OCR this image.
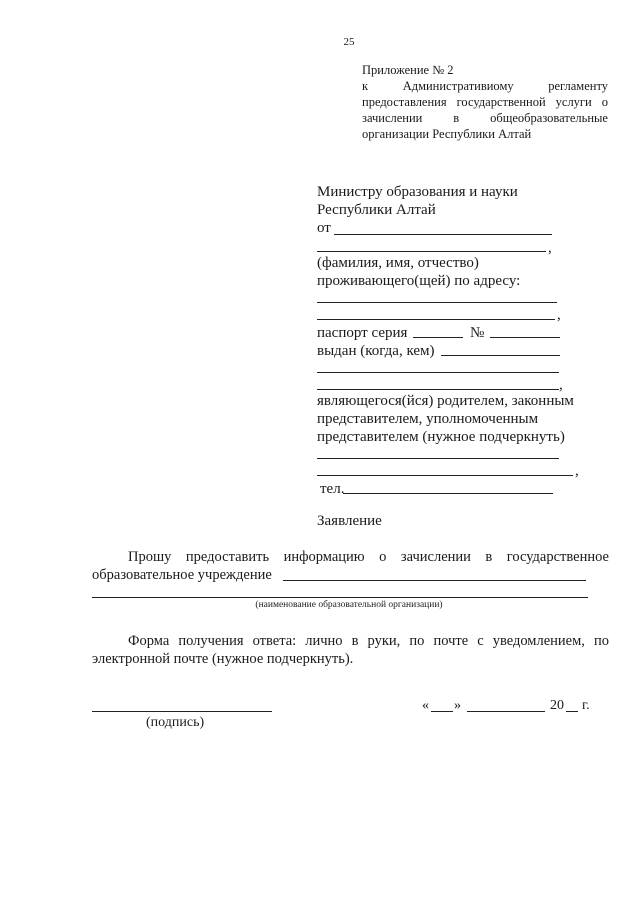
25
Приложение № 2
к	Административиому	регламенту
предоставления государственной услуги о
зачислении в общеобразовательные
организации Республики Алтай
Министру образования и науки
Республики Алтай
от
,
(фамилия, имя, отчество)
проживающего(щей) по адресу:
,
паспорт серия	№
выдан (когда, кем)
,
являющегося(йся) родителем, законным
представителем, уполномоченным
представителем (нужное подчеркнуть)
,
тел.
Заявление
Прошу предоставить информацию о зачислении в государственное
образовательное учреждение
(наименование образовательной организации)
Форма получения ответа: лично в руки, по почте с уведомлением, по
электронной почте (нужное подчеркнуть).
(подпись)
« »	20 г.
